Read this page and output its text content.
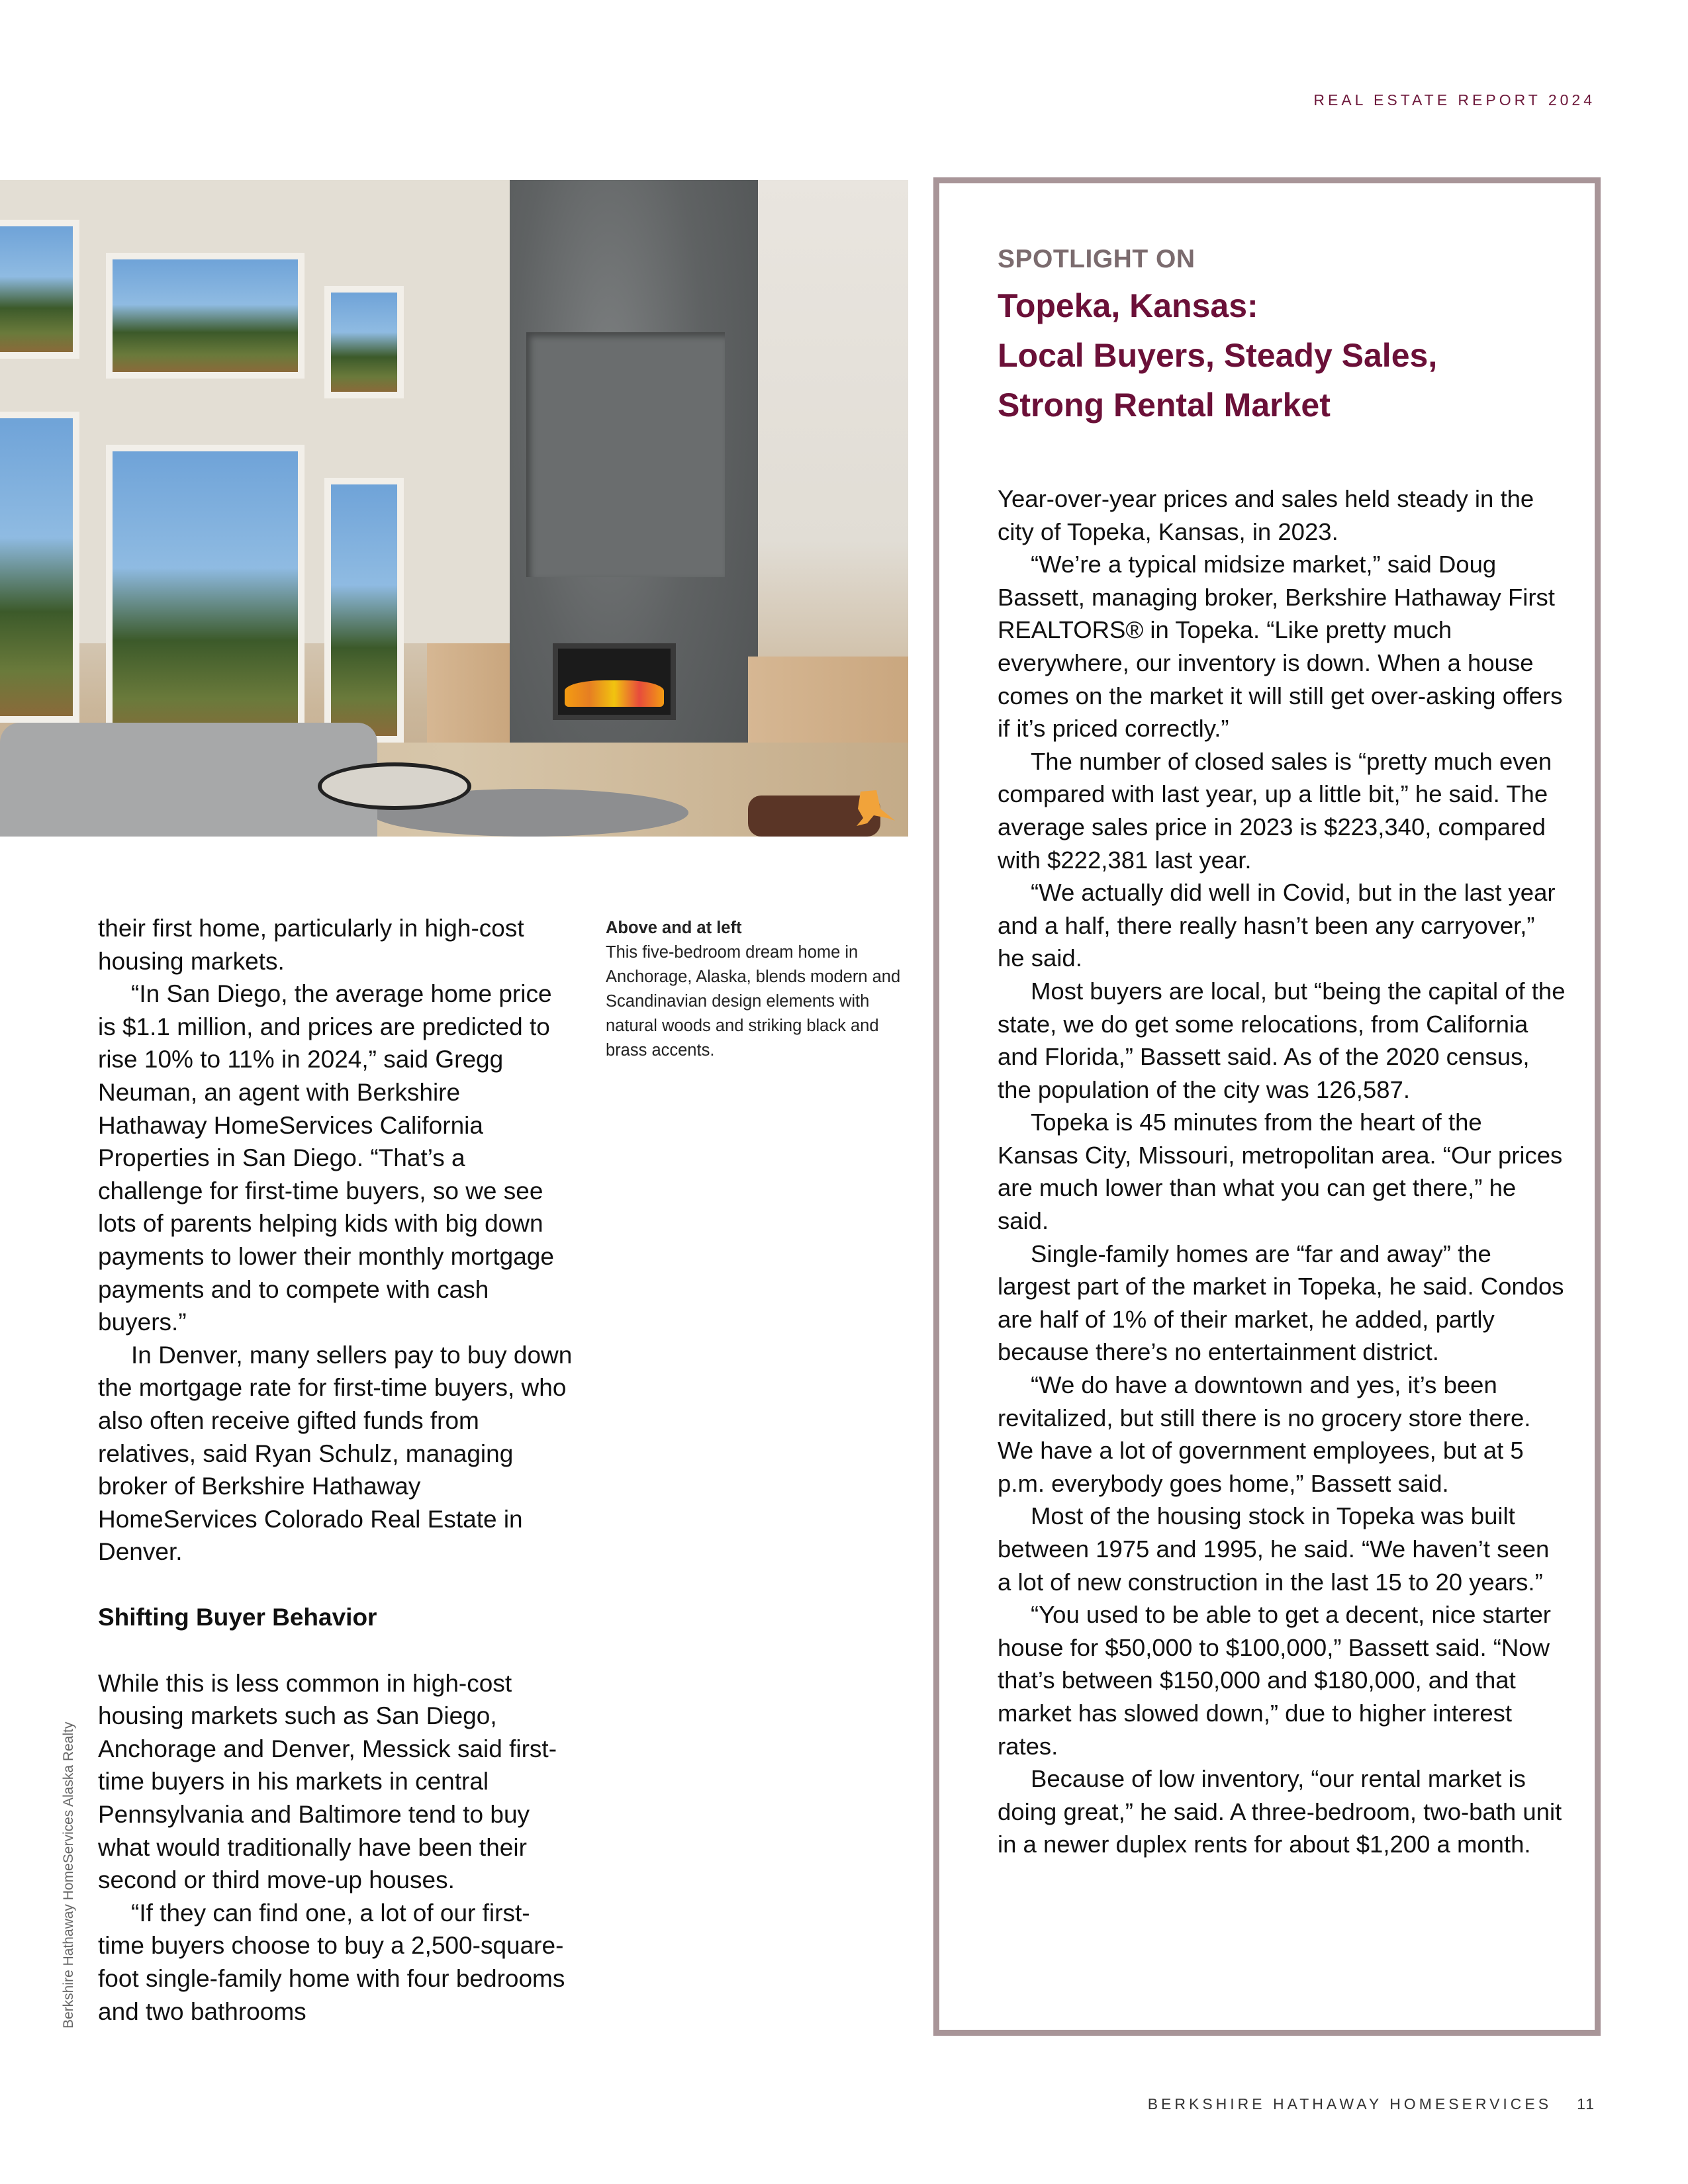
REAL ESTATE REPORT 2024
Above and at left
This five-bedroom dream home in Anchorage, Alaska, blends modern and Scandinavian design elements with natural woods and striking black and brass accents.
Berkshire Hathaway HomeServices Alaska Realty

their first home, particularly in high-cost housing markets.

“In San Diego, the average home price is $1.1 million, and prices are predicted to rise 10% to 11% in 2024,” said Gregg Neuman, an agent with Berkshire Hathaway HomeServices California Properties in San Diego. “That’s a challenge for first-time buyers, so we see lots of parents helping kids with big down payments to lower their monthly mortgage payments and to compete with cash buyers.”

In Denver, many sellers pay to buy down the mortgage rate for first-time buyers, who also often receive gifted funds from relatives, said Ryan Schulz, managing broker of Berkshire Hathaway HomeServices Colorado Real Estate in Denver.

Shifting Buyer Behavior

While this is less common in high-cost housing markets such as San Diego, Anchorage and Denver, Messick said first-time buyers in his markets in central Pennsylvania and Baltimore tend to buy what would traditionally have been their second or third move-up houses.

“If they can find one, a lot of our first-time buyers choose to buy a 2,500-square-foot single-family home with four bedrooms and two bathrooms

SPOTLIGHT ON
Topeka, Kansas:
Local Buyers, Steady Sales,
Strong Rental Market

Year-over-year prices and sales held steady in the city of Topeka, Kansas, in 2023.

“We’re a typical midsize market,” said Doug Bassett, managing broker, Berkshire Hathaway First REALTORS® in Topeka. “Like pretty much everywhere, our inventory is down. When a house comes on the market it will still get over-asking offers if it’s priced correctly.”

The number of closed sales is “pretty much even compared with last year, up a little bit,” he said. The average sales price in 2023 is $223,340, compared with $222,381 last year.

“We actually did well in Covid, but in the last year and a half, there really hasn’t been any carryover,” he said.

Most buyers are local, but “being the capital of the state, we do get some relocations, from California and Florida,” Bassett said. As of the 2020 census, the population of the city was 126,587.

Topeka is 45 minutes from the heart of the Kansas City, Missouri, metropolitan area. “Our prices are much lower than what you can get there,” he said.

Single-family homes are “far and away” the largest part of the market in Topeka, he said. Condos are half of 1% of their market, he added, partly because there’s no entertainment district.

“We do have a downtown and yes, it’s been revitalized, but still there is no grocery store there. We have a lot of government employees, but at 5 p.m. everybody goes home,” Bassett said.

Most of the housing stock in Topeka was built between 1975 and 1995, he said. “We haven’t seen a lot of new construction in the last 15 to 20 years.”

“You used to be able to get a decent, nice starter house for $50,000 to $100,000,” Bassett said. “Now that’s between $150,000 and $180,000, and that market has slowed down,” due to higher interest rates.

Because of low inventory, “our rental market is doing great,” he said. A three-bedroom, two-bath unit in a newer duplex rents for about $1,200 a month.

BERKSHIRE HATHAWAY HOMESERVICES 11
